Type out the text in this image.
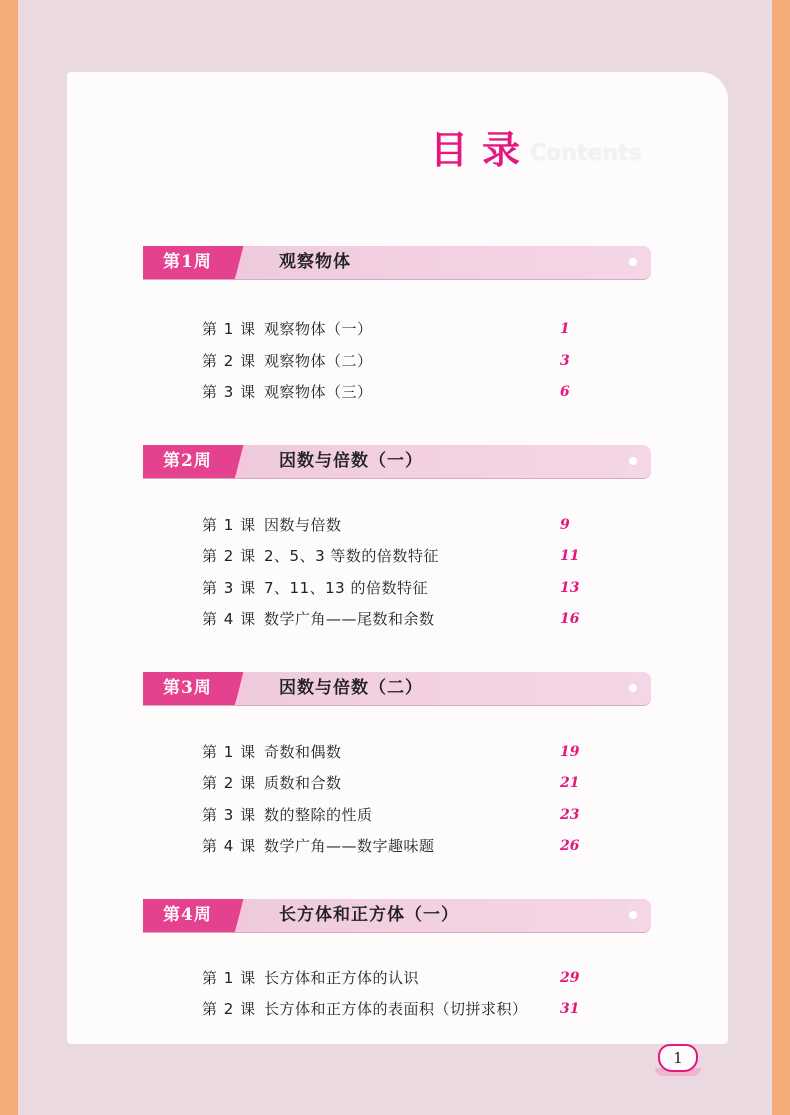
目录
Contents
第1周	观察物体
第 1 课 观察物体（一）	1
第 2 课 观察物体（二）	3
第 3 课 观察物体（三）	6
第2周	因数与倍数（一）
第 1 课 因数与倍数	9
第 2 课 2、5、3 等数的倍数特征	11
第 3 课 7、11、13 的倍数特征	13
第 4 课 数学广角——尾数和余数	16
第3周	因数与倍数（二）
第 1 课 奇数和偶数	19
第 2 课 质数和合数	21
第 3 课 数的整除的性质	23
第 4 课 数学广角——数字趣味题	26
第4周	长方体和正方体（一）
第 1 课 长方体和正方体的认识	29
第 2 课 长方体和正方体的表面积（切拼求积）	31
1
